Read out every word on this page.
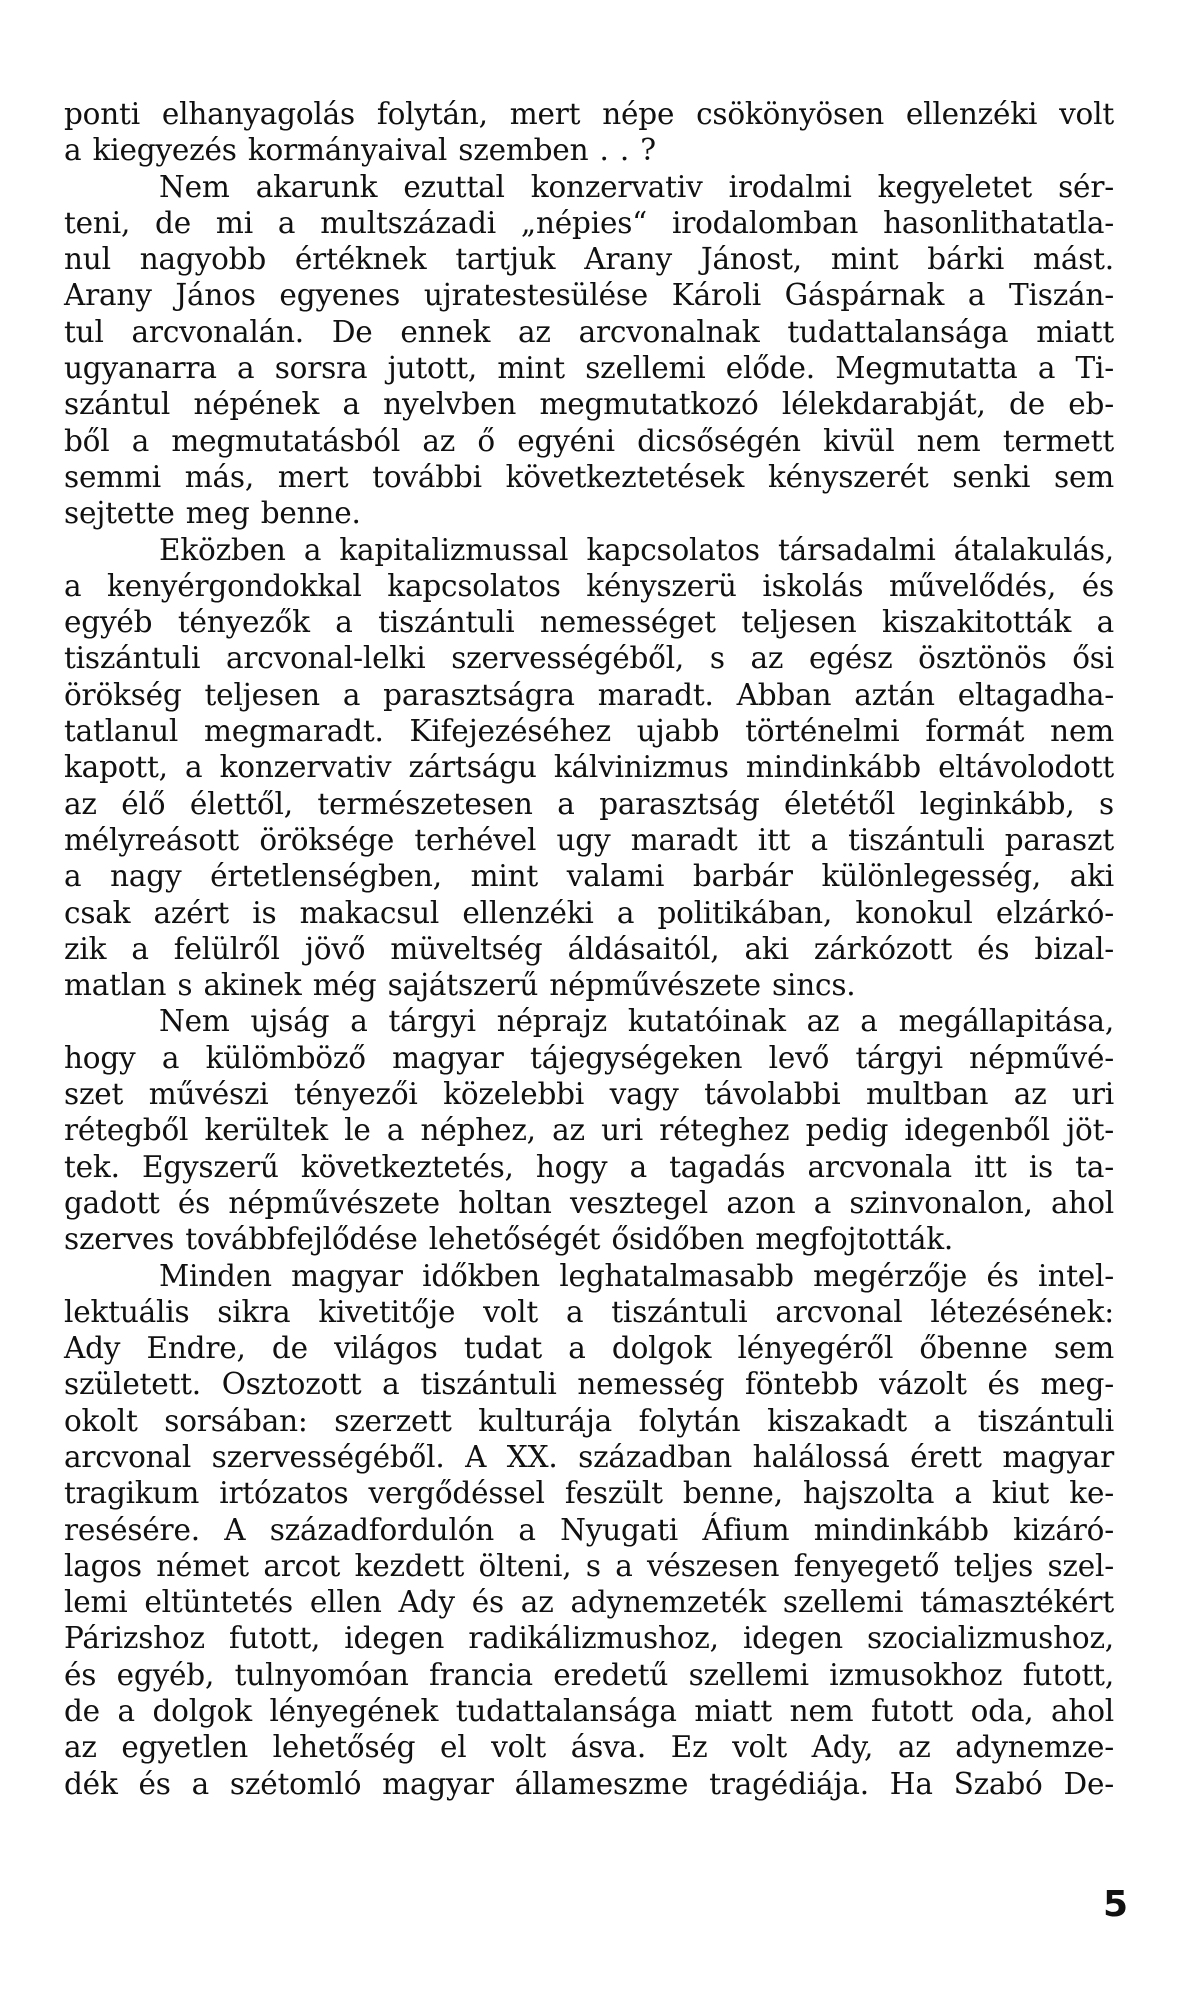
ponti elhanyagolás folytán, mert népe csökönyösen ellenzéki volt
a kiegyezés kormányaival szemben . . ?

Nem akarunk ezuttal konzervativ irodalmi kegyeletet sér-
teni, de mi a multszázadi „népies“ irodalomban hasonlithatatla-
nul nagyobb értéknek tartjuk Arany Jánost, mint bárki mást.
Arany János egyenes ujratestesülése Károli Gáspárnak a Tiszán-
tul arcvonalán. De ennek az arcvonalnak tudattalansága miatt
ugyanarra a sorsra jutott, mint szellemi elődе. Megmutatta a Ti-
szántul népének a nyelvben megmutatkozó lélekdarabját, de eb-
ből a megmutatásból az ő egyéni dicsőségén kivül nem termett
semmi más, mert további következtetések kényszerét senki sem
sejtette meg benne.

Eközben a kapitalizmussal kapcsolatos társadalmi átalakulás,
a kenyérgondokkal kapcsolatos kényszerü iskolás művelődés, és
egyéb tényezők a tiszántuli nemességet teljesen kiszakitották a
tiszántuli arcvonal-lelki szervességéből, s az egész ösztönös ősi
örökség teljesen a parasztságra maradt. Abban aztán eltagadha-
tatlanul megmaradt. Kifejezéséhez ujabb történelmi formát nem
kapott, a konzervativ zártságu kálvinizmus mindinkább eltávolodott
az élő élettől, természetesen a parasztság életétől leginkább, s
mélyreásott öröksége terhével ugy maradt itt a tiszántuli paraszt
a nagy értetlenségben, mint valami barbár különlegesség, aki
csak azért is makacsul ellenzéki a politikában, konokul elzárkó-
zik a felülről jövő müveltség áldásaitól, aki zárkózott és bizal-
matlan s akinek még sajátszerű népművészete sincs.

Nem ujság a tárgyi néprajz kutatóinak az a megállapitása,
hogy a külömböző magyar tájegységeken levő tárgyi népművé-
szet művészi tényezői közelebbi vagy távolabbi multban az uri
rétegből kerültek le a néphez, az uri réteghez pedig idegenből jöt-
tek. Egyszerű következtetés, hogy a tagadás arcvonala itt is ta-
gadott és népművészete holtan vesztegel azon a szinvonalon, ahol
szerves továbbfejlődése lehetőségét ősidőben megfojtották.

Minden magyar időkben leghatalmasabb megérzője és intel-
lektuális sikra kivetitője volt a tiszántuli arcvonal létezésének:
Ady Endre, de világos tudat a dolgok lényegéről őbenne sem
született. Osztozott a tiszántuli nemesség föntebb vázolt és meg-
okolt sorsában: szerzett kulturája folytán kiszakadt a tiszántuli
arcvonal szervességéből. A XX. században halálossá érett magyar
tragikum irtózatos vergődéssel feszült benne, hajszolta a kiut ke-
resésére. A századfordulón a Nyugati Áfium mindinkább kizáró-
lagos német arcot kezdett ölteni, s a vészesen fenyegető teljes szel-
lemi eltüntetés ellen Ady és az adynemzeték szellemi támasztékért
Párizshoz futott, idegen radikálizmushoz, idegen szocializmushoz,
és egyéb, tulnyomóan francia eredetű szellemi izmusokhoz futott,
de a dolgok lényegének tudattalansága miatt nem futott oda, ahol
az egyetlen lehetőség el volt ásva. Ez volt Ady, az adynemze-
dék és a szétomló magyar állameszme tragédiája. Ha Szabó De-

5
